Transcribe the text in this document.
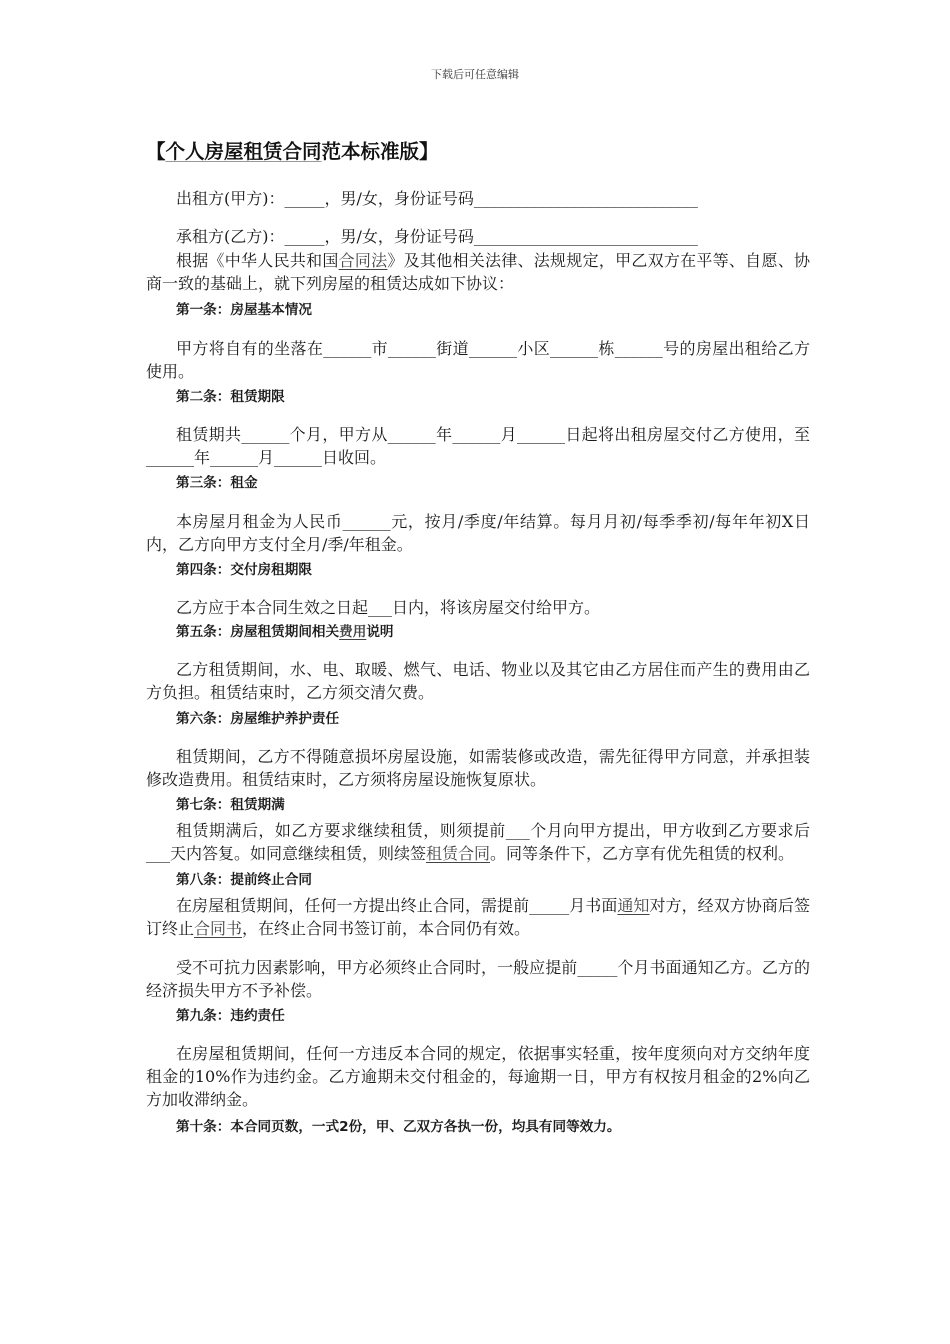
下载后可任意编辑
【个人房屋租赁合同范本标准版】

出租方(甲方)：_____，男/女，身份证号码____________________________

承租方(乙方)：_____，男/女，身份证号码____________________________

根据《中华人民共和国合同法》及其他相关法律、法规规定，甲乙双方在平等、自愿、协商一致的基础上，就下列房屋的租赁达成如下协议：

第一条：房屋基本情况

甲方将自有的坐落在______市______街道______小区______栋______号的房屋出租给乙方使用。

第二条：租赁期限

租赁期共______个月，甲方从______年______月______日起将出租房屋交付乙方使用，至______年______月______日收回。

第三条：租金

本房屋月租金为人民币______元，按月/季度/年结算。每月月初/每季季初/每年年初X日内，乙方向甲方支付全月/季/年租金。

第四条：交付房租期限

乙方应于本合同生效之日起___日内，将该房屋交付给甲方。

第五条：房屋租赁期间相关费用说明

乙方租赁期间，水、电、取暖、燃气、电话、物业以及其它由乙方居住而产生的费用由乙方负担。租赁结束时，乙方须交清欠费。

第六条：房屋维护养护责任

租赁期间，乙方不得随意损坏房屋设施，如需装修或改造，需先征得甲方同意，并承担装修改造费用。租赁结束时，乙方须将房屋设施恢复原状。

第七条：租赁期满

租赁期满后，如乙方要求继续租赁，则须提前___个月向甲方提出，甲方收到乙方要求后___天内答复。如同意继续租赁，则续签租赁合同。同等条件下，乙方享有优先租赁的权利。

第八条：提前终止合同

在房屋租赁期间，任何一方提出终止合同，需提前_____月书面通知对方，经双方协商后签订终止合同书，在终止合同书签订前，本合同仍有效。

受不可抗力因素影响，甲方必须终止合同时，一般应提前_____个月书面通知乙方。乙方的经济损失甲方不予补偿。

第九条：违约责任

在房屋租赁期间，任何一方违反本合同的规定，依据事实轻重，按年度须向对方交纳年度租金的10%作为违约金。乙方逾期未交付租金的，每逾期一日，甲方有权按月租金的2%向乙方加收滞纳金。

第十条：本合同页数，一式2份，甲、乙双方各执一份，均具有同等效力。
